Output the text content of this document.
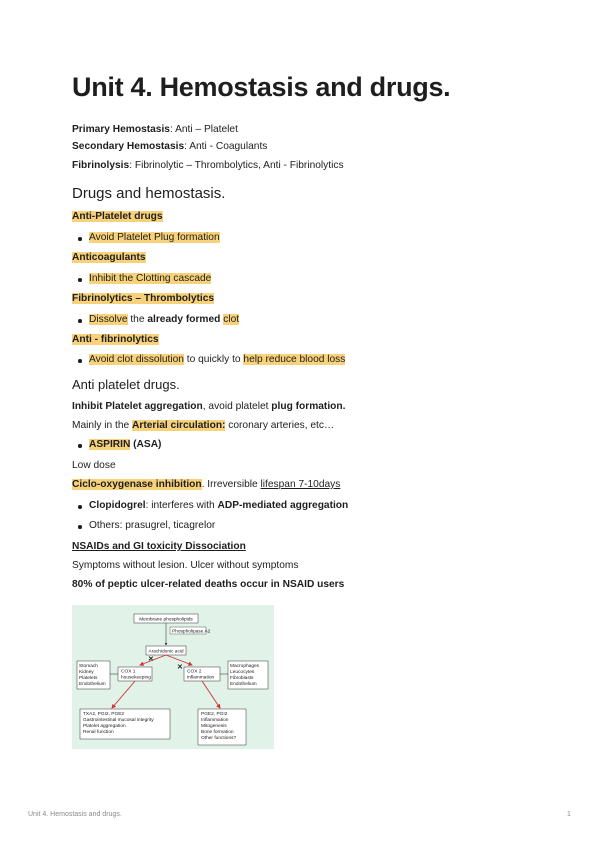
Unit 4. Hemostasis and drugs.
Primary Hemostasis: Anti – Platelet
Secondary Hemostasis: Anti - Coagulants
Fibrinolysis: Fibrinolytic – Thrombolytics, Anti - Fibrinolytics
Drugs and hemostasis.
Anti-Platelet drugs
Avoid Platelet Plug formation
Anticoagulants
Inhibit the Clotting cascade
Fibrinolytics – Thrombolytics
Dissolve the already formed clot
Anti - fibrinolytics
Avoid clot dissolution to quickly to help reduce blood loss
Anti platelet drugs.
Inhibit Platelet aggregation, avoid platelet plug formation.
Mainly in the Arterial circulation: coronary arteries, etc…
ASPIRIN (ASA)
Low dose
Ciclo-oxygenase inhibition. Irreversible lifespan 7-10days
Clopidogrel: interferes with ADP-mediated aggregation
Others: prasugrel, ticagrelor
NSAIDs and GI toxicity Dissociation
Symptoms without lesion. Ulcer without symptoms
80% of peptic ulcer-related deaths occur in NSAID users
Membrane phospholipids
Phospholipase A2
Arachidonic acid
✕
✕
COX 1
housekeeping
COX 2
inflammation
Stomach
Kidney
Platelets
Endothelium
Macrophages
Leucocytes
Fibroblasts
Endothelium
TXA2, PGI2, PGE2
Gastrointestinal mucosal integrity
Platelet aggregation
Renal function
PGE2, PGI2
Inflammation
Mitogenesis
Bone formation
Other functions?
Unit 4. Hemostasis and drugs.	1
